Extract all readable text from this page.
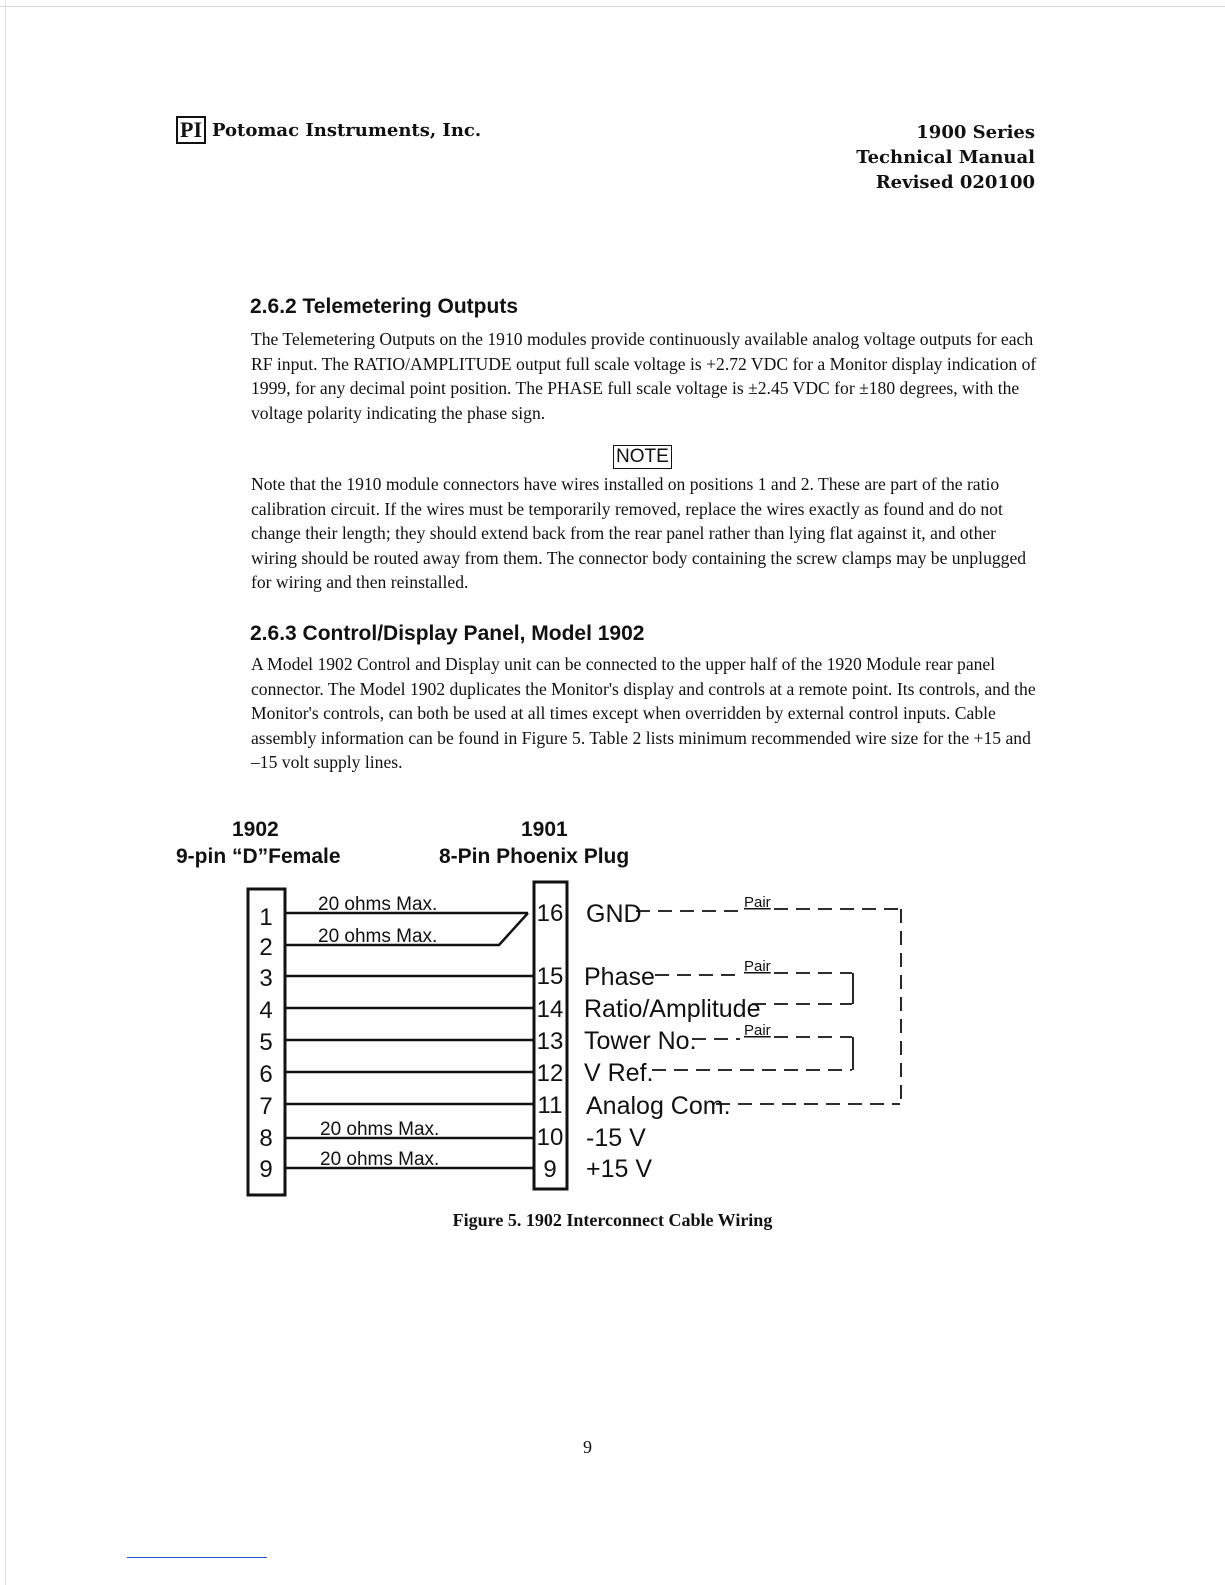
PI Potomac Instruments, Inc.	1900 Series
Technical Manual
Revised 020100
2.6.2 Telemetering Outputs
The Telemetering Outputs on the 1910 modules provide continuously available analog voltage outputs for each RF input. The RATIO/AMPLITUDE output full scale voltage is +2.72 VDC for a Monitor display indication of 1999, for any decimal point position. The PHASE full scale voltage is ±2.45 VDC for ±180 degrees, with the voltage polarity indicating the phase sign.
NOTE
Note that the 1910 module connectors have wires installed on positions 1 and 2. These are part of the ratio calibration circuit. If the wires must be temporarily removed, replace the wires exactly as found and do not change their length; they should extend back from the rear panel rather than lying flat against it, and other wiring should be routed away from them. The connector body containing the screw clamps may be unplugged for wiring and then reinstalled.
2.6.3 Control/Display Panel, Model 1902
A Model 1902 Control and Display unit can be connected to the upper half of the 1920 Module rear panel connector. The Model 1902 duplicates the Monitor's display and controls at a remote point. Its controls, and the Monitor's controls, can both be used at all times except when overridden by external control inputs. Cable assembly information can be found in Figure 5. Table 2 lists minimum recommended wire size for the +15 and –15 volt supply lines.
1902
9-pin “D”Female
1901
8-Pin Phoenix Plug
1
2
3
4
5
6
7
8
9
16
15
14
13
12
11
10
9
20 ohms Max.
20 ohms Max.
20 ohms Max.
20 ohms Max.
GND
Phase
Ratio/Amplitude
Tower No.
V Ref.
Analog Com.
-15 V
+15 V
Pair
Pair
Pair
Figure 5. 1902 Interconnect Cable Wiring
9
